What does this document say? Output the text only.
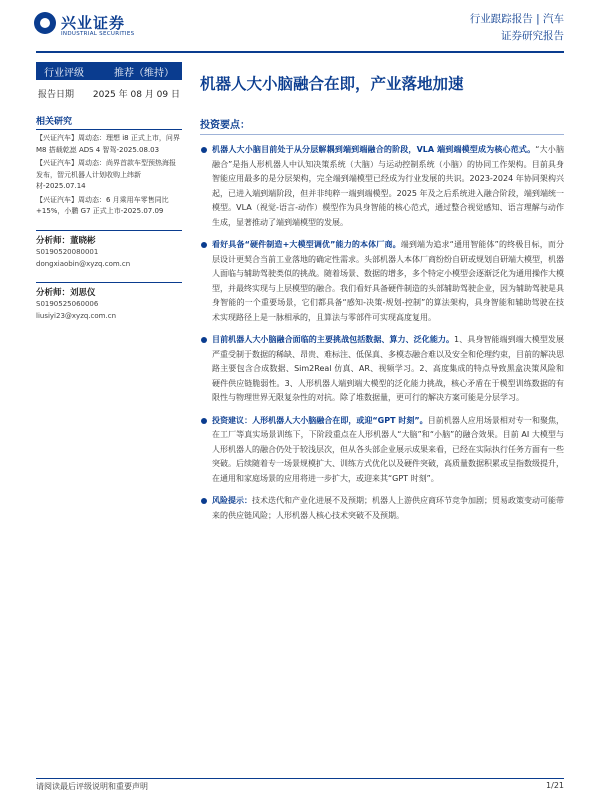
兴业证券
INDUSTRIAL SECURITIES
行业跟踪报告 | 汽车
证券研究报告
行业评级	推荐（维持）
报告日期 2025 年 08 月 09 日
相关研究
【兴证汽车】周动态：理想 i8 正式上市，问界 M8 搭载乾崑 ADS 4 智驾-2025.08.03
【兴证汽车】周动态：尚界首款车型预热海报发布，智元机器人计划收购上纬新材-2025.07.14
【兴证汽车】周动态：6 月乘用车零售同比+15%，小鹏 G7 正式上市-2025.07.09
分析师：董晓彬
S0190520080001
dongxiaobin@xyzq.com.cn
分析师：刘思仪
S0190525060006
liusiyi23@xyzq.com.cn
机器人大小脑融合在即，产业落地加速
投资要点：
机器人大小脑目前处于从分层解耦到端到端融合的阶段，VLA 端到端模型成为核心范式。“大小脑融合”是指人形机器人中认知决策系统（大脑）与运动控制系统（小脑）的协同工作架构。目前具身智能应用最多的是分层架构，完全端到端模型已经成为行业发展的共识。2023-2024 年协同架构兴起，已进入端到端阶段，但并非纯粹一端到端模型。2025 年及之后系统进入融合阶段，端到端统一模型。VLA（视觉-语言-动作）模型作为具身智能的核心范式，通过整合视觉感知、语言理解与动作生成，显著推动了端到端模型的发展。
看好具备“硬件制造+大模型调优”能力的本体厂商。端到端为追求“通用智能体”的终极目标，而分层设计更契合当前工业落地的确定性需求。头部机器人本体厂商纷纷自研或规划自研端大模型，机器人面临与辅助驾驶类似的挑战。随着场景、数据的增多，多个特定小模型会逐渐泛化为通用操作大模型，并最终实现与上层模型的融合。我们看好具备硬件制造的头部辅助驾驶企业，因为辅助驾驶是具身智能的一个重要场景，它们都具备“感知-决策-规划-控制”的算法架构，具身智能和辅助驾驶在技术实现路径上是一脉相承的，且算法与零部件可实现高度复用。
目前机器人大小脑融合面临的主要挑战包括数据、算力、泛化能力。1、具身智能端到端大模型发展严重受制于数据的稀缺、昂贵、难标注、低保真、多模态融合难以及安全和伦理约束，目前的解决思路主要包含合成数据、Sim2Real 仿真、AR、视频学习。2、高度集成的特点导致黑盒决策风险和硬件供应链脆弱性。3、人形机器人端到端大模型的泛化能力挑战，核心矛盾在于模型训练数据的有限性与物理世界无限复杂性的对抗。除了堆数据量，更可行的解决方案可能是分层学习。
投资建议：人形机器人大小脑融合在即，或迎“GPT 时刻”。目前机器人应用场景相对专一和聚焦，在工厂等真实场景训练下，下阶段重点在人形机器人“大脑”和“小脑”的融合效果。目前 AI 大模型与人形机器人的融合仍处于较浅层次，但从各头部企业展示成果来看，已经在实际执行任务方面有一些突破。后续随着专一场景规模扩大、训练方式优化以及硬件突破，高质量数据积累或呈指数级提升，在通用和家庭场景的应用将进一步扩大，或迎来其“GPT 时刻”。
风险提示：技术迭代和产业化进展不及预期；机器人上游供应商环节竞争加剧；贸易政策变动可能带来的供应链风险；人形机器人核心技术突破不及预期。
请阅读最后评级说明和重要声明	1/21
